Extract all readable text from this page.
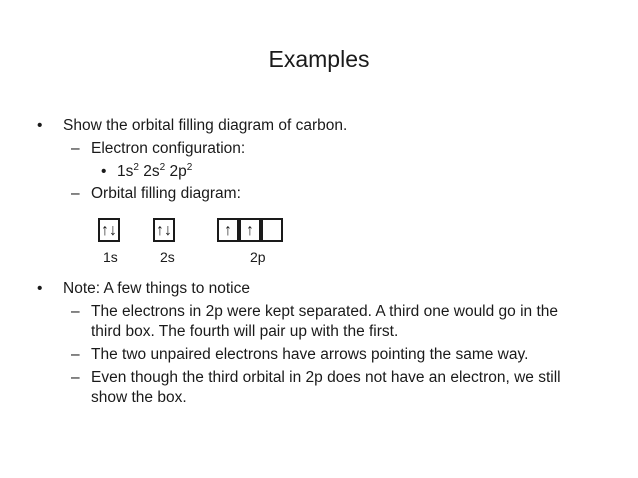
Examples
• Show the orbital filling diagram of carbon.
– Electron configuration:
• $1s^2$ $2s^2$ $2p^2$
– Orbital filling diagram:
↑↓ ↑↓	↑ ↑
1s	2s	2p
• Note: A few things to notice
– The electrons in 2p were kept separated. A third one would go in the
third box. The fourth will pair up with the first.
– The two unpaired electrons have arrows pointing the same way.
– Even though the third orbital in 2p does not have an electron, we still
show the box.
